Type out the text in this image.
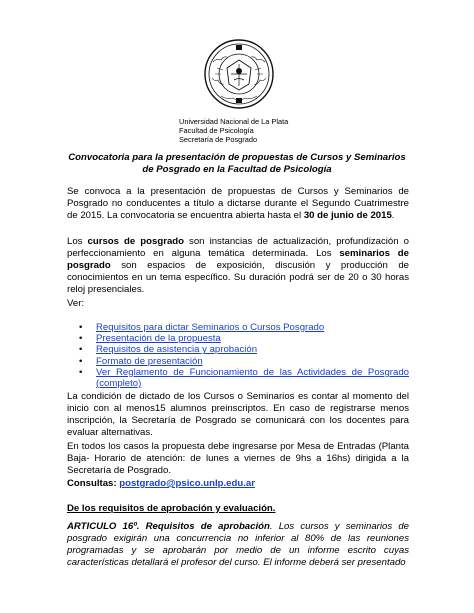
Universidad Nacional de La Plata
Facultad de Psicología
Secretaría de Posgrado
Convocatoria para la presentación de propuestas de Cursos y Seminarios
de Posgrado en la Facultad de Psicología

Se convoca a la presentación de propuestas de Cursos y Seminarios de Posgrado no conducentes a título a dictarse durante el Segundo Cuatrimestre de 2015. La convocatoria se encuentra abierta hasta el 30 de junio de 2015.

Los cursos de posgrado son instancias de actualización, profundización o perfeccionamiento en alguna temática determinada. Los seminarios de posgrado son espacios de exposición, discusión y producción de conocimientos en un tema específico. Su duración podrá ser de 20 o 30 horas reloj presenciales.

Ver:
• Requisitos para dictar Seminarios o Cursos Posgrado
• Presentación de la propuesta
• Requisitos de asistencia y aprobación
• Formato de presentación
• Ver Reglamento de Funcionamiento de las Actividades de Posgrado (completo)
La condición de dictado de los Cursos o Seminarios es contar al momento del inicio con al menos15 alumnos preinscriptos. En caso de registrarse menos inscripción, la Secretaría de Posgrado se comunicará con los docentes para evaluar alternativas.
En todos los casos la propuesta debe ingresarse por Mesa de Entradas (Planta Baja- Horario de atención: de lunes a viernes de 9hs a 16hs) dirigida a la Secretaría de Posgrado.
Consultas: postgrado@psico.unlp.edu.ar
De los requisitos de aprobación y evaluación.

ARTICULO 16º. Requisitos de aprobación. Los cursos y seminarios de posgrado exigirán una concurrencia no inferior al 80% de las reuniones programadas y se aprobarán por medio de un informe escrito cuyas características detallará el profesor del curso. El informe deberá ser presentado
